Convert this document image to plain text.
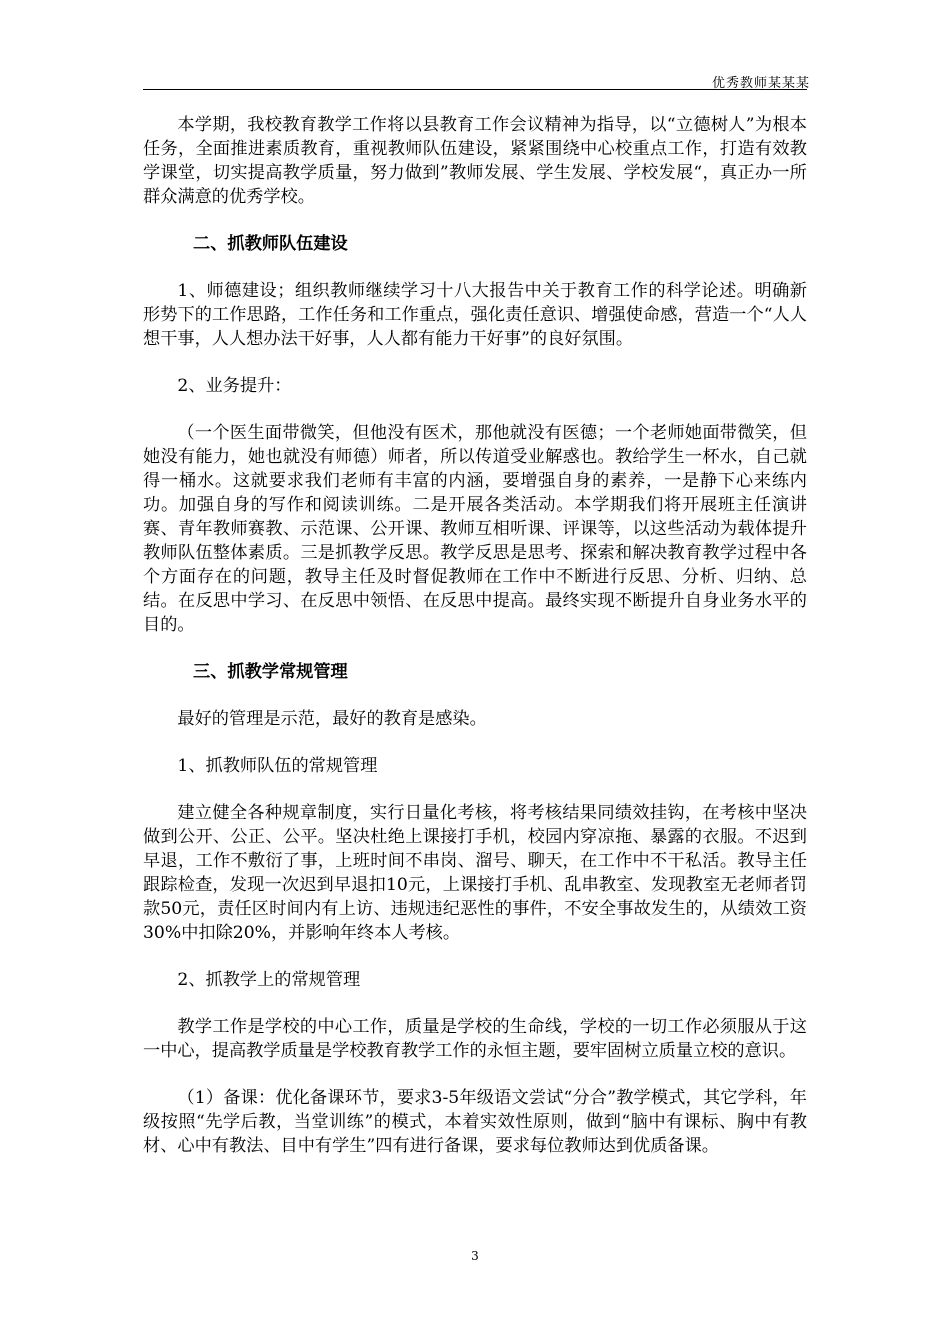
优秀教师某某某

本学期，我校教育教学工作将以县教育工作会议精神为指导，以“立德树人”为根本任务，全面推进素质教育，重视教师队伍建设，紧紧围绕中心校重点工作，打造有效教学课堂，切实提高教学质量，努力做到”教师发展、学生发展、学校发展“，真正办一所群众满意的优秀学校。

二、抓教师队伍建设

1、师德建设；组织教师继续学习十八大报告中关于教育工作的科学论述。明确新形势下的工作思路，工作任务和工作重点，强化责任意识、增强使命感，营造一个“人人想干事，人人想办法干好事，人人都有能力干好事”的良好氛围。

2、业务提升：

（一个医生面带微笑，但他没有医术，那他就没有医德；一个老师她面带微笑，但她没有能力，她也就没有师德）师者，所以传道受业解惑也。教给学生一杯水，自己就得一桶水。这就要求我们老师有丰富的内涵，要增强自身的素养，一是静下心来练内功。加强自身的写作和阅读训练。二是开展各类活动。本学期我们将开展班主任演讲赛、青年教师赛教、示范课、公开课、教师互相听课、评课等，以这些活动为载体提升教师队伍整体素质。三是抓教学反思。教学反思是思考、探索和解决教育教学过程中各个方面存在的问题，教导主任及时督促教师在工作中不断进行反思、分析、归纳、总结。在反思中学习、在反思中领悟、在反思中提高。最终实现不断提升自身业务水平的目的。

三、抓教学常规管理

最好的管理是示范，最好的教育是感染。

1、抓教师队伍的常规管理

建立健全各种规章制度，实行日量化考核，将考核结果同绩效挂钩，在考核中坚决做到公开、公正、公平。坚决杜绝上课接打手机，校园内穿凉拖、暴露的衣服。不迟到早退，工作不敷衍了事，上班时间不串岗、溜号、聊天，在工作中不干私活。教导主任跟踪检查，发现一次迟到早退扣10元，上课接打手机、乱串教室、发现教室无老师者罚款50元，责任区时间内有上访、违规违纪恶性的事件，不安全事故发生的，从绩效工资30%中扣除20%，并影响年终本人考核。

2、抓教学上的常规管理

教学工作是学校的中心工作，质量是学校的生命线，学校的一切工作必须服从于这一中心，提高教学质量是学校教育教学工作的永恒主题，要牢固树立质量立校的意识。

（1）备课：优化备课环节，要求3-5年级语文尝试“分合”教学模式，其它学科，年级按照“先学后教，当堂训练”的模式，本着实效性原则，做到“脑中有课标、胸中有教材、心中有教法、目中有学生”四有进行备课，要求每位教师达到优质备课。

3
